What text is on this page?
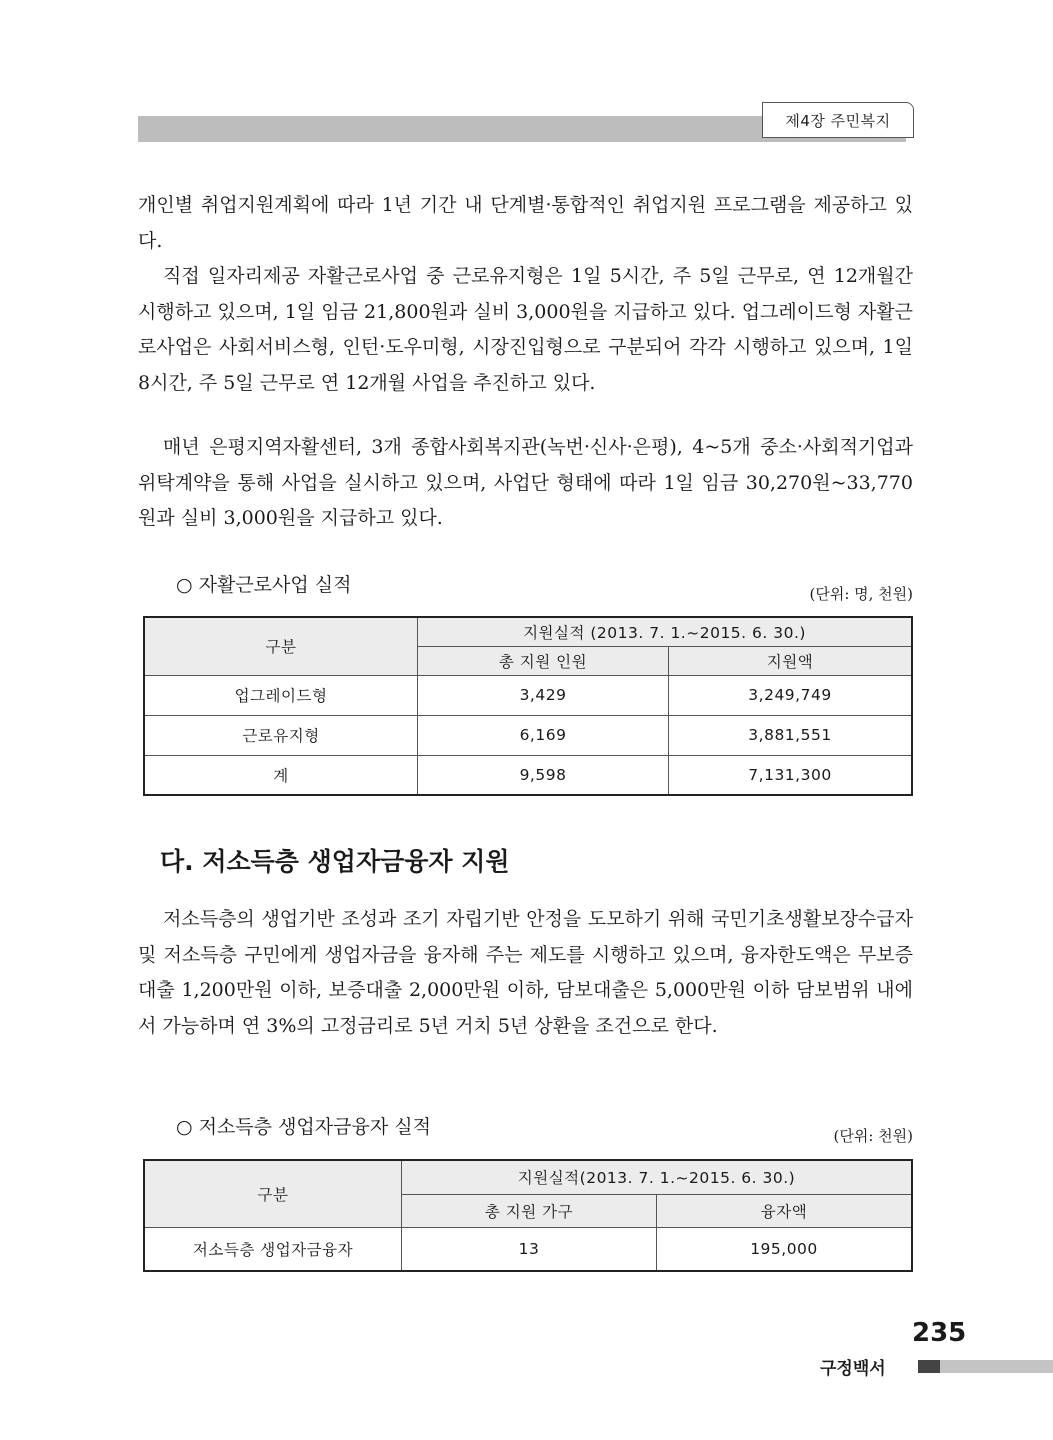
제4장 주민복지

개인별 취업지원계획에 따라 1년 기간 내 단계별·통합적인 취업지원 프로그램을 제공하고 있다.

직접 일자리제공 자활근로사업 중 근로유지형은 1일 5시간, 주 5일 근무로, 연 12개월간 시행하고 있으며, 1일 임금 21,800원과 실비 3,000원을 지급하고 있다. 업그레이드형 자활근로사업은 사회서비스형, 인턴·도우미형, 시장진입형으로 구분되어 각각 시행하고 있으며, 1일 8시간, 주 5일 근무로 연 12개월 사업을 추진하고 있다.

매년 은평지역자활센터, 3개 종합사회복지관(녹번·신사·은평), 4~5개 중소·사회적기업과 위탁계약을 통해 사업을 실시하고 있으며, 사업단 형태에 따라 1일 임금 30,270원~33,770원과 실비 3,000원을 지급하고 있다.

○ 자활근로사업 실적	(단위: 명, 천원)
구분	지원실적 (2013. 7. 1.~2015. 6. 30.)	
	총 지원 인원	지원액
업그레이드형	3,429	3,249,749
근로유지형	6,169	3,881,551
계	9,598	7,131,300
다. 저소득층 생업자금융자 지원

저소득층의 생업기반 조성과 조기 자립기반 안정을 도모하기 위해 국민기초생활보장수급자 및 저소득층 구민에게 생업자금을 융자해 주는 제도를 시행하고 있으며, 융자한도액은 무보증 대출 1,200만원 이하, 보증대출 2,000만원 이하, 담보대출은 5,000만원 이하 담보범위 내에서 가능하며 연 3%의 고정금리로 5년 거치 5년 상환을 조건으로 한다.

○ 저소득층 생업자금융자 실적	(단위: 천원)
구분	지원실적(2013. 7. 1.~2015. 6. 30.)	
	총 지원 가구	융자액
저소득층 생업자금융자	13	195,000
235
구정백서
